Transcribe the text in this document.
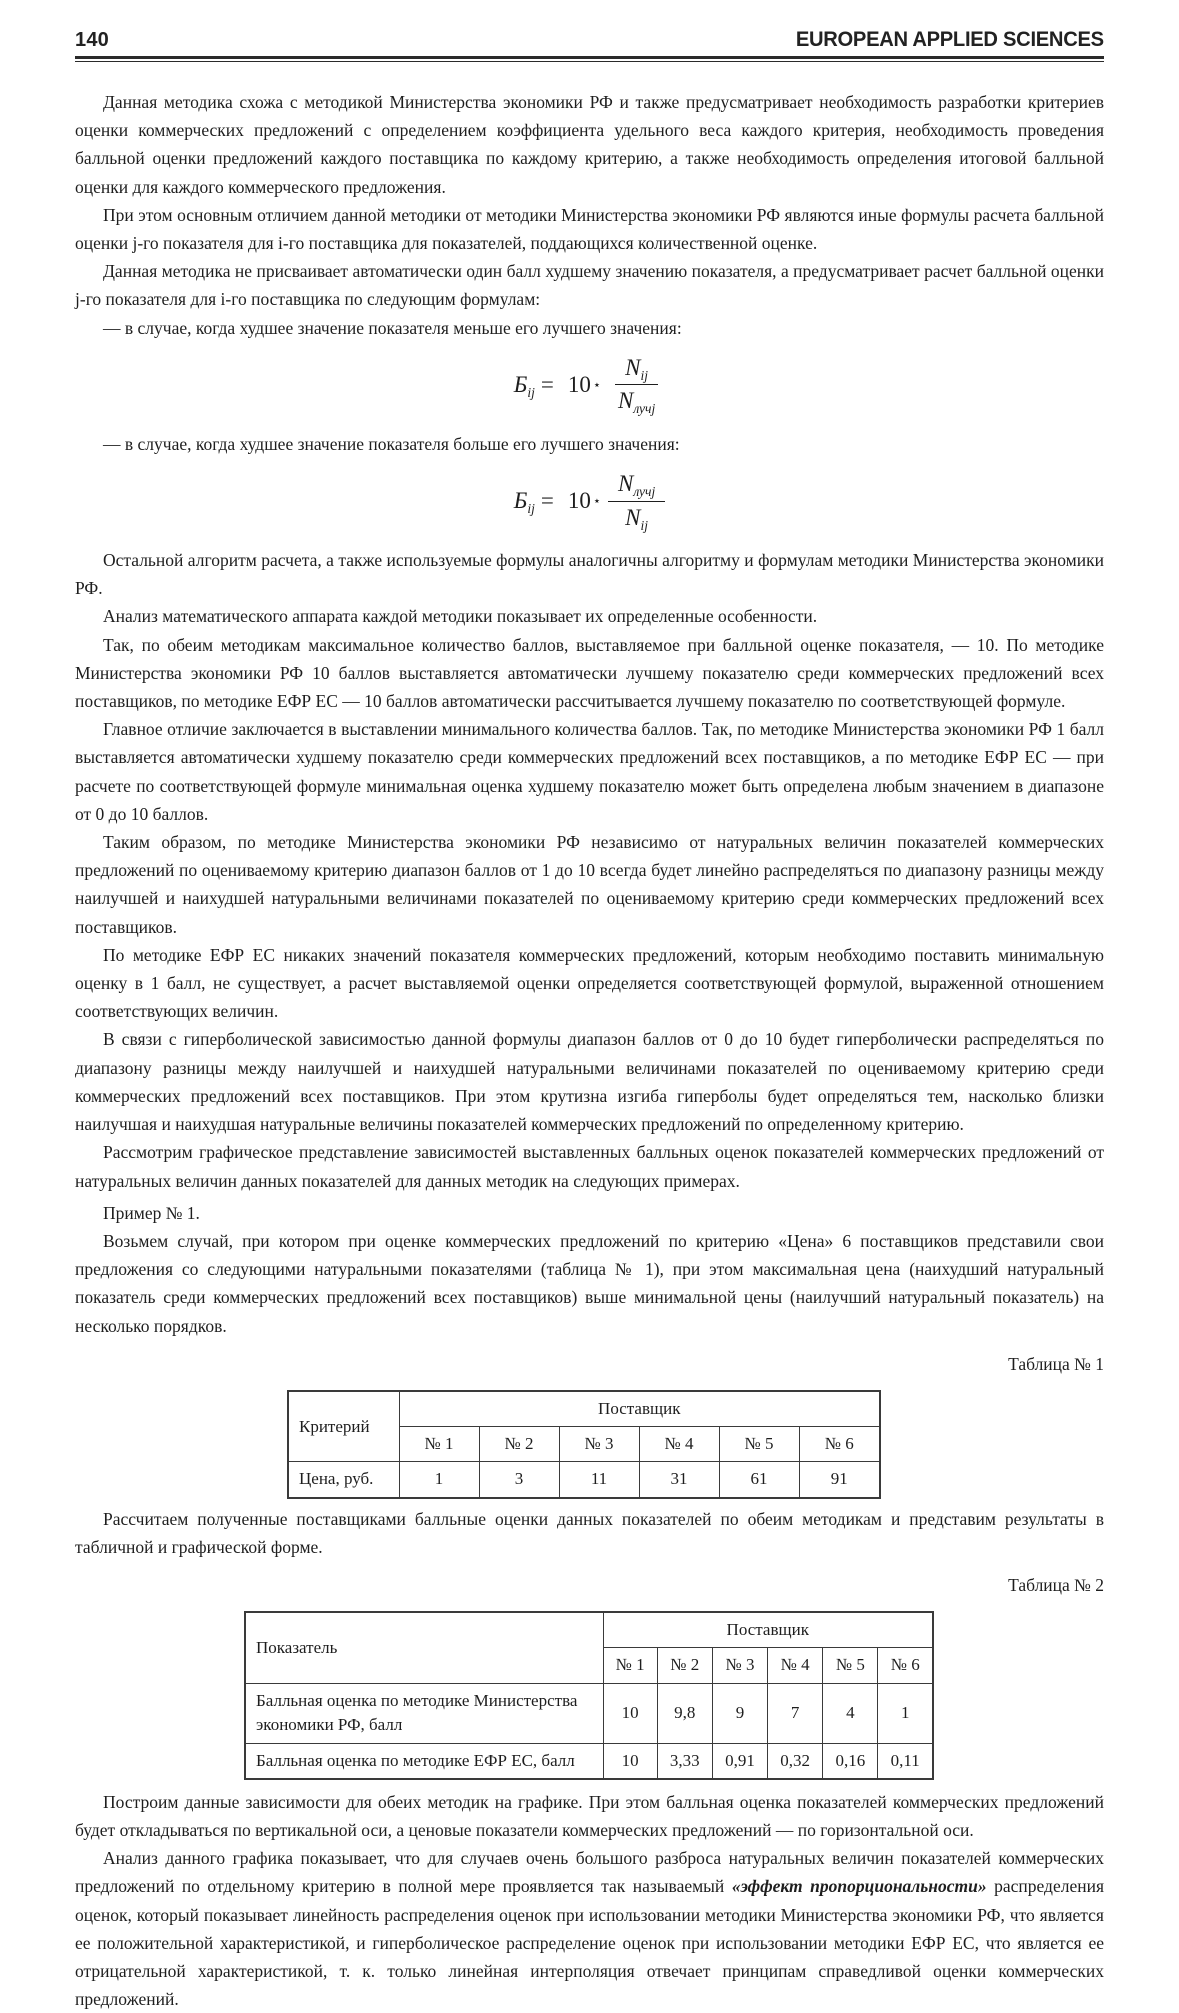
140	EUROPEAN APPLIED SCIENCES

Данная методика схожа с методикой Министерства экономики РФ и также предусматривает необходимость разработки критериев оценки коммерческих предложений с определением коэффициента удельного веса каждого критерия, необходимость проведения балльной оценки предложений каждого поставщика по каждому критерию, а также необходимость определения итоговой балльной оценки для каждого коммерческого предложения.

При этом основным отличием данной методики от методики Министерства экономики РФ являются иные формулы расчета балльной оценки j-го показателя для i-го поставщика для показателей, поддающихся количественной оценке.

Данная методика не присваивает автоматически один балл худшему значению показателя, а предусматривает расчет балльной оценки j-го показателя для i-го поставщика по следующим формулам:

— в случае, когда худшее значение показателя меньше его лучшего значения:

$Б_{ij} = 10$ ⋆ $\frac{N_{ij}}{N_{лучj}}$

— в случае, когда худшее значение показателя больше его лучшего значения:

$Б_{ij} = 10$ ⋆ $\frac{N_{лучj}}{N_{ij}}$

Остальной алгоритм расчета, а также используемые формулы аналогичны алгоритму и формулам методики Министерства экономики РФ.

Анализ математического аппарата каждой методики показывает их определенные особенности.

Так, по обеим методикам максимальное количество баллов, выставляемое при балльной оценке показателя, — 10. По методике Министерства экономики РФ 10 баллов выставляется автоматически лучшему показателю среди коммерческих предложений всех поставщиков, по методике ЕФР ЕС — 10 баллов автоматически рассчитывается лучшему показателю по соответствующей формуле.

Главное отличие заключается в выставлении минимального количества баллов. Так, по методике Министерства экономики РФ 1 балл выставляется автоматически худшему показателю среди коммерческих предложений всех поставщиков, а по методике ЕФР ЕС — при расчете по соответствующей формуле минимальная оценка худшему показателю может быть определена любым значением в диапазоне от 0 до 10 баллов.

Таким образом, по методике Министерства экономики РФ независимо от натуральных величин показателей коммерческих предложений по оцениваемому критерию диапазон баллов от 1 до 10 всегда будет линейно распределяться по диапазону разницы между наилучшей и наихудшей натуральными величинами показателей по оцениваемому критерию среди коммерческих предложений всех поставщиков.

По методике ЕФР ЕС никаких значений показателя коммерческих предложений, которым необходимо поставить минимальную оценку в 1 балл, не существует, а расчет выставляемой оценки определяется соответствующей формулой, выраженной отношением соответствующих величин.

В связи с гиперболической зависимостью данной формулы диапазон баллов от 0 до 10 будет гиперболически распределяться по диапазону разницы между наилучшей и наихудшей натуральными величинами показателей по оцениваемому критерию среди коммерческих предложений всех поставщиков. При этом крутизна изгиба гиперболы будет определяться тем, насколько близки наилучшая и наихудшая натуральные величины показателей коммерческих предложений по определенному критерию.

Рассмотрим графическое представление зависимостей выставленных балльных оценок показателей коммерческих предложений от натуральных величин данных показателей для данных методик на следующих примерах.

Пример № 1.

Возьмем случай, при котором при оценке коммерческих предложений по критерию «Цена» 6 поставщиков представили свои предложения со следующими натуральными показателями (таблица № 1), при этом максимальная цена (наихудший натуральный показатель среди коммерческих предложений всех поставщиков) выше минимальной цены (наилучший натуральный показатель) на несколько порядков.

Таблица № 1

Критерий	Поставщик					
	№ 1	№ 2	№ 3	№ 4	№ 5	№ 6
Цена, руб.	1	3	11	31	61	91

Рассчитаем полученные поставщиками балльные оценки данных показателей по обеим методикам и представим результаты в табличной и графической форме.

Таблица № 2

Показатель	Поставщик					
	№ 1	№ 2	№ 3	№ 4	№ 5	№ 6
Балльная оценка по методике Министерства экономики РФ, балл	10	9,8	9	7	4	1
Балльная оценка по методике ЕФР ЕС, балл	10	3,33	0,91	0,32	0,16	0,11

Построим данные зависимости для обеих методик на графике. При этом балльная оценка показателей коммерческих предложений будет откладываться по вертикальной оси, а ценовые показатели коммерческих предложений — по горизонтальной оси.

Анализ данного графика показывает, что для случаев очень большого разброса натуральных величин показателей коммерческих предложений по отдельному критерию в полной мере проявляется так называемый «эффект пропорциональности» распределения оценок, который показывает линейность распределения оценок при использовании методики Министерства экономики РФ, что является ее положительной характеристикой, и гиперболическое распределение оценок при использовании методики ЕФР ЕС, что является ее отрицательной характеристикой, т. к. только линейная интерполяция отвечает принципам справедливой оценки коммерческих предложений.
